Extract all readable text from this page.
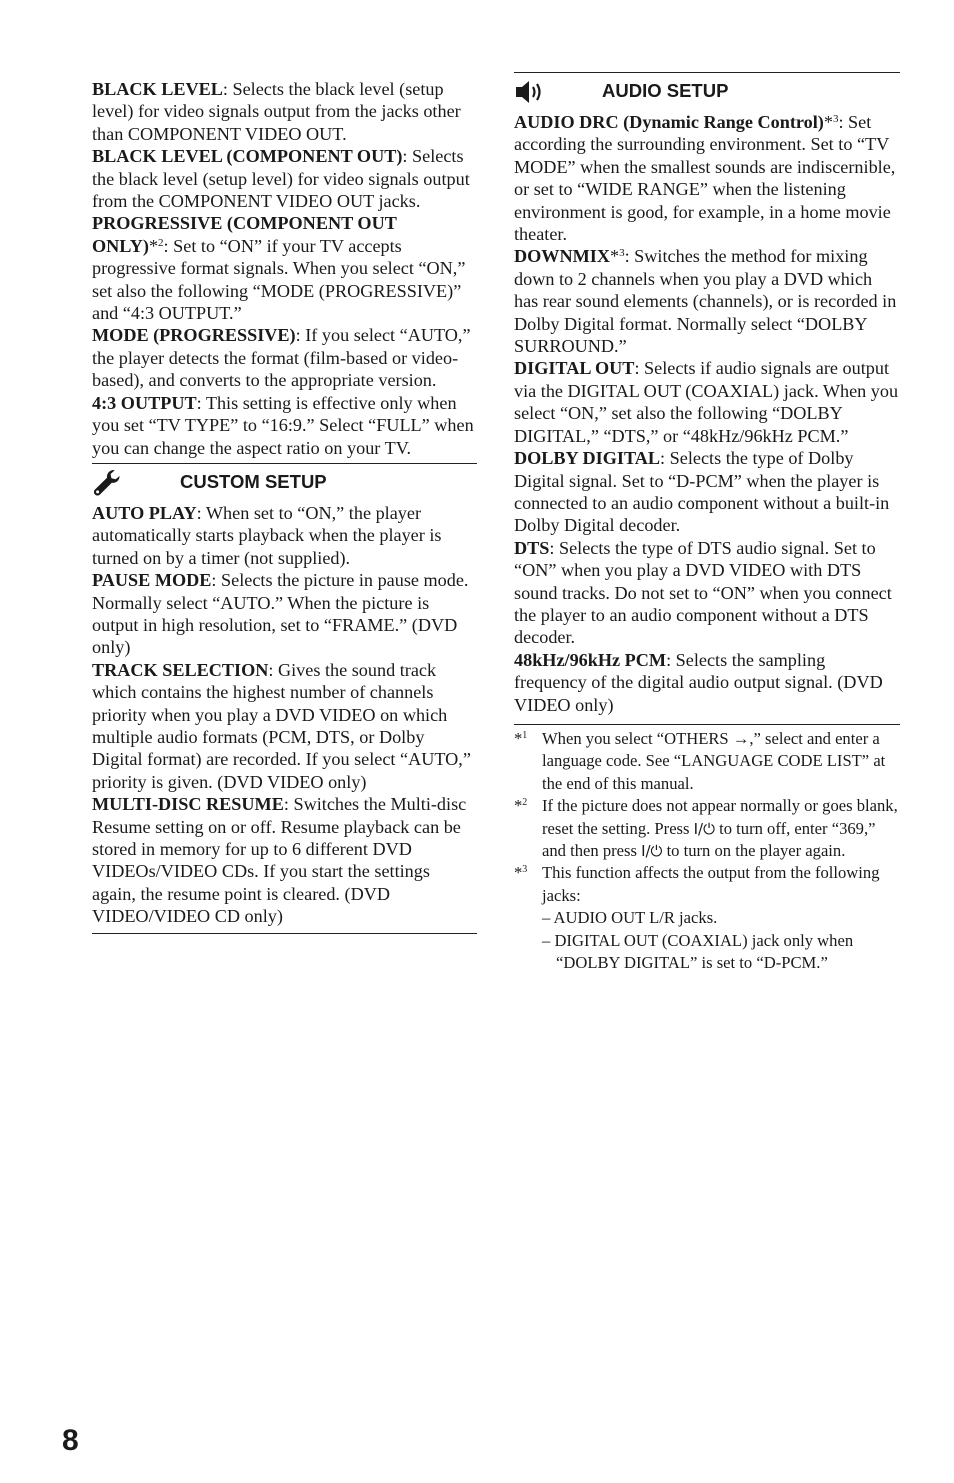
BLACK LEVEL: Selects the black level (setup level) for video signals output from the jacks other than COMPONENT VIDEO OUT.

BLACK LEVEL (COMPONENT OUT): Selects the black level (setup level) for video signals output from the COMPONENT VIDEO OUT jacks.

PROGRESSIVE (COMPONENT OUT ONLY)*$^2$: Set to “ON” if your TV accepts progressive format signals. When you select “ON,” set also the following “MODE (PROGRESSIVE)” and “4:3 OUTPUT.”

MODE (PROGRESSIVE): If you select “AUTO,” the player detects the format (film-based or video-based), and converts to the appropriate version.

4:3 OUTPUT: This setting is effective only when you set “TV TYPE” to “16:9.” Select “FULL” when you can change the aspect ratio on your TV.

CUSTOM SETUP

AUTO PLAY: When set to “ON,” the player automatically starts playback when the player is turned on by a timer (not supplied).

PAUSE MODE: Selects the picture in pause mode. Normally select “AUTO.” When the picture is output in high resolution, set to “FRAME.” (DVD only)

TRACK SELECTION: Gives the sound track which contains the highest number of channels priority when you play a DVD VIDEO on which multiple audio formats (PCM, DTS, or Dolby Digital format) are recorded. If you select “AUTO,” priority is given. (DVD VIDEO only)

MULTI-DISC RESUME: Switches the Multi-disc Resume setting on or off. Resume playback can be stored in memory for up to 6 different DVD VIDEOs/VIDEO CDs. If you start the settings again, the resume point is cleared. (DVD VIDEO/VIDEO CD only)

AUDIO SETUP

AUDIO DRC (Dynamic Range Control)*$^3$: Set according the surrounding environment. Set to “TV MODE” when the smallest sounds are indiscernible, or set to “WIDE RANGE” when the listening environment is good, for example, in a home movie theater.

DOWNMIX*$^3$: Switches the method for mixing down to 2 channels when you play a DVD which has rear sound elements (channels), or is recorded in Dolby Digital format. Normally select “DOLBY SURROUND.”

DIGITAL OUT: Selects if audio signals are output via the DIGITAL OUT (COAXIAL) jack. When you select “ON,” set also the following “DOLBY DIGITAL,” “DTS,” or “48kHz/96kHz PCM.”

DOLBY DIGITAL: Selects the type of Dolby Digital signal. Set to “D-PCM” when the player is connected to an audio component without a built-in Dolby Digital decoder.

DTS: Selects the type of DTS audio signal. Set to “ON” when you play a DVD VIDEO with DTS sound tracks. Do not set to “ON” when you connect the player to an audio component without a DTS decoder.

48kHz/96kHz PCM: Selects the sampling frequency of the digital audio output signal. (DVD VIDEO only)

*$^1$ When you select “OTHERS →,” select and enter a language code. See “LANGUAGE CODE LIST” at the end of this manual.
*$^2$ If the picture does not appear normally or goes blank, reset the setting. Press I/⏻ to turn off, enter “369,” and then press I/⏻ to turn on the player again.
*$^3$ This function affects the output from the following jacks:
– AUDIO OUT L/R jacks.
– DIGITAL OUT (COAXIAL) jack only when
“DOLBY DIGITAL” is set to “D-PCM.”
8
